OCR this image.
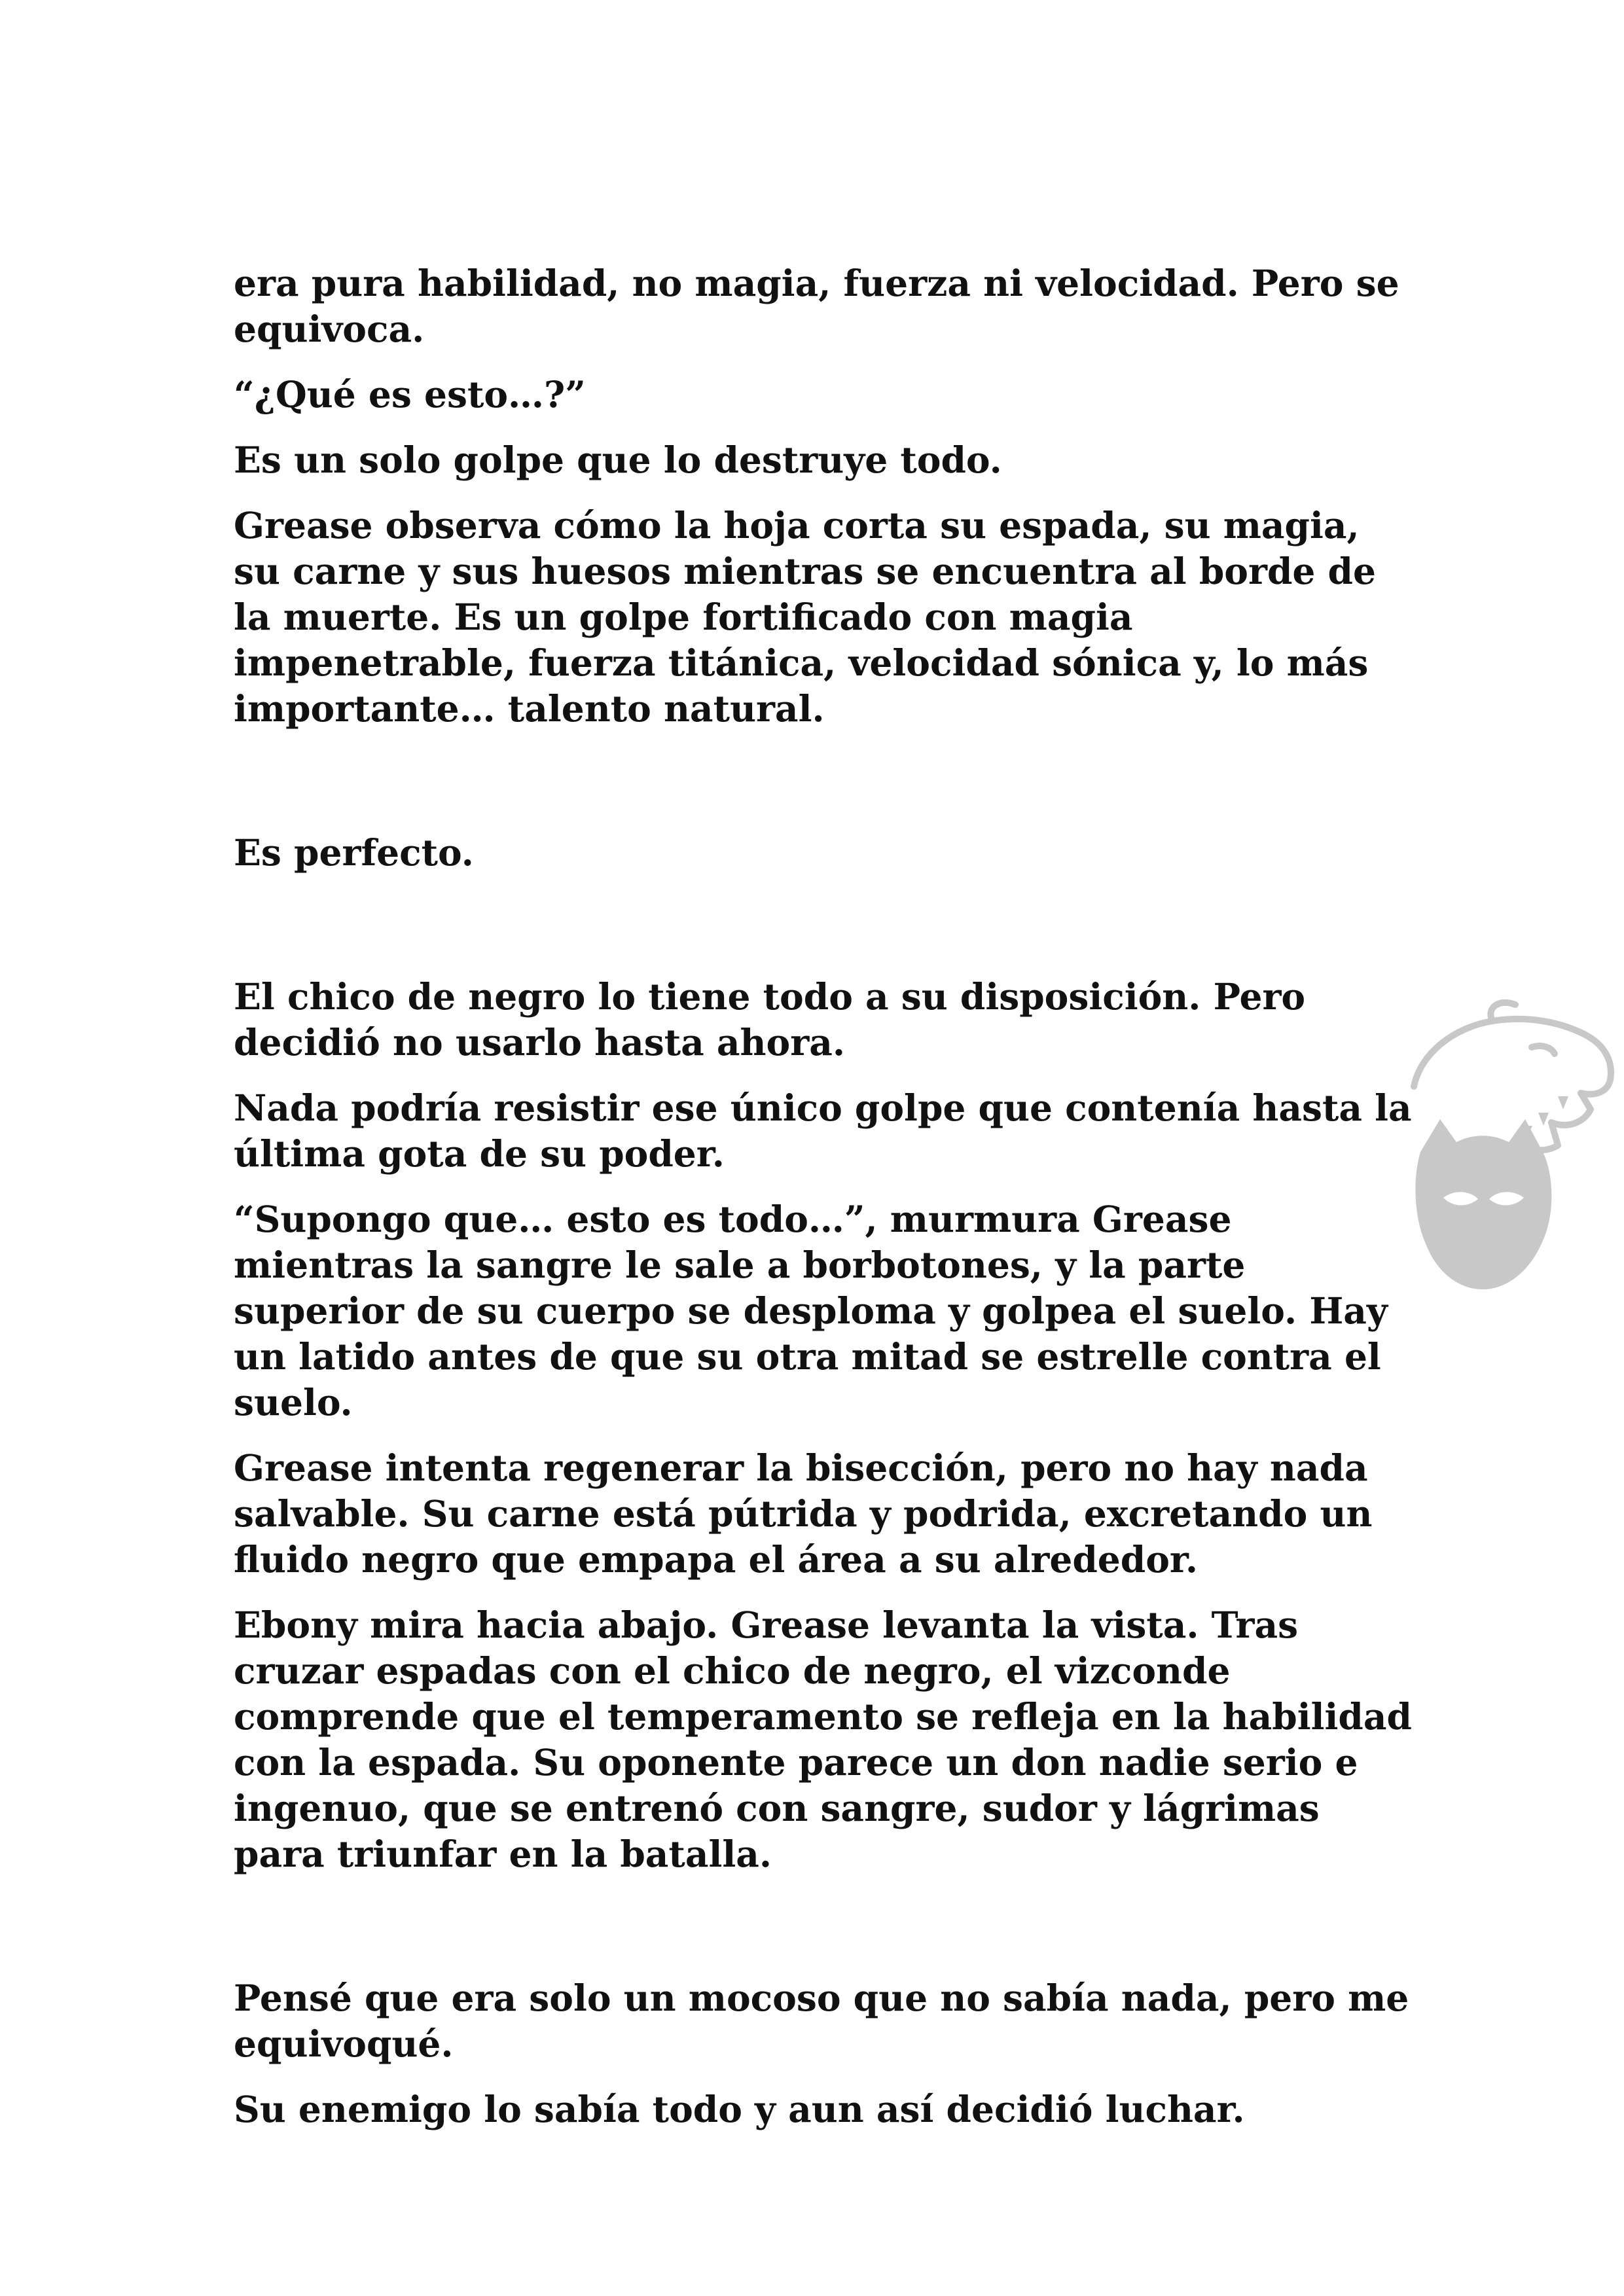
era pura habilidad, no magia, fuerza ni velocidad. Pero se equivoca.

“¿Qué es esto…?”

Es un solo golpe que lo destruye todo.

Grease observa cómo la hoja corta su espada, su magia, su carne y sus huesos mientras se encuentra al borde de la muerte. Es un golpe fortificado con magia impenetrable, fuerza titánica, velocidad sónica y, lo más importante… talento natural.

Es perfecto.

El chico de negro lo tiene todo a su disposición. Pero decidió no usarlo hasta ahora.

Nada podría resistir ese único golpe que contenía hasta la última gota de su poder.

“Supongo que… esto es todo…”, murmura Grease mientras la sangre le sale a borbotones, y la parte superior de su cuerpo se desploma y golpea el suelo. Hay un latido antes de que su otra mitad se estrelle contra el suelo.

Grease intenta regenerar la bisección, pero no hay nada salvable. Su carne está pútrida y podrida, excretando un fluido negro que empapa el área a su alrededor.

Ebony mira hacia abajo. Grease levanta la vista. Tras cruzar espadas con el chico de negro, el vizconde comprende que el temperamento se refleja en la habilidad con la espada. Su oponente parece un don nadie serio e ingenuo, que se entrenó con sangre, sudor y lágrimas para triunfar en la batalla.

Pensé que era solo un mocoso que no sabía nada, pero me equivoqué.

Su enemigo lo sabía todo y aun así decidió luchar.
